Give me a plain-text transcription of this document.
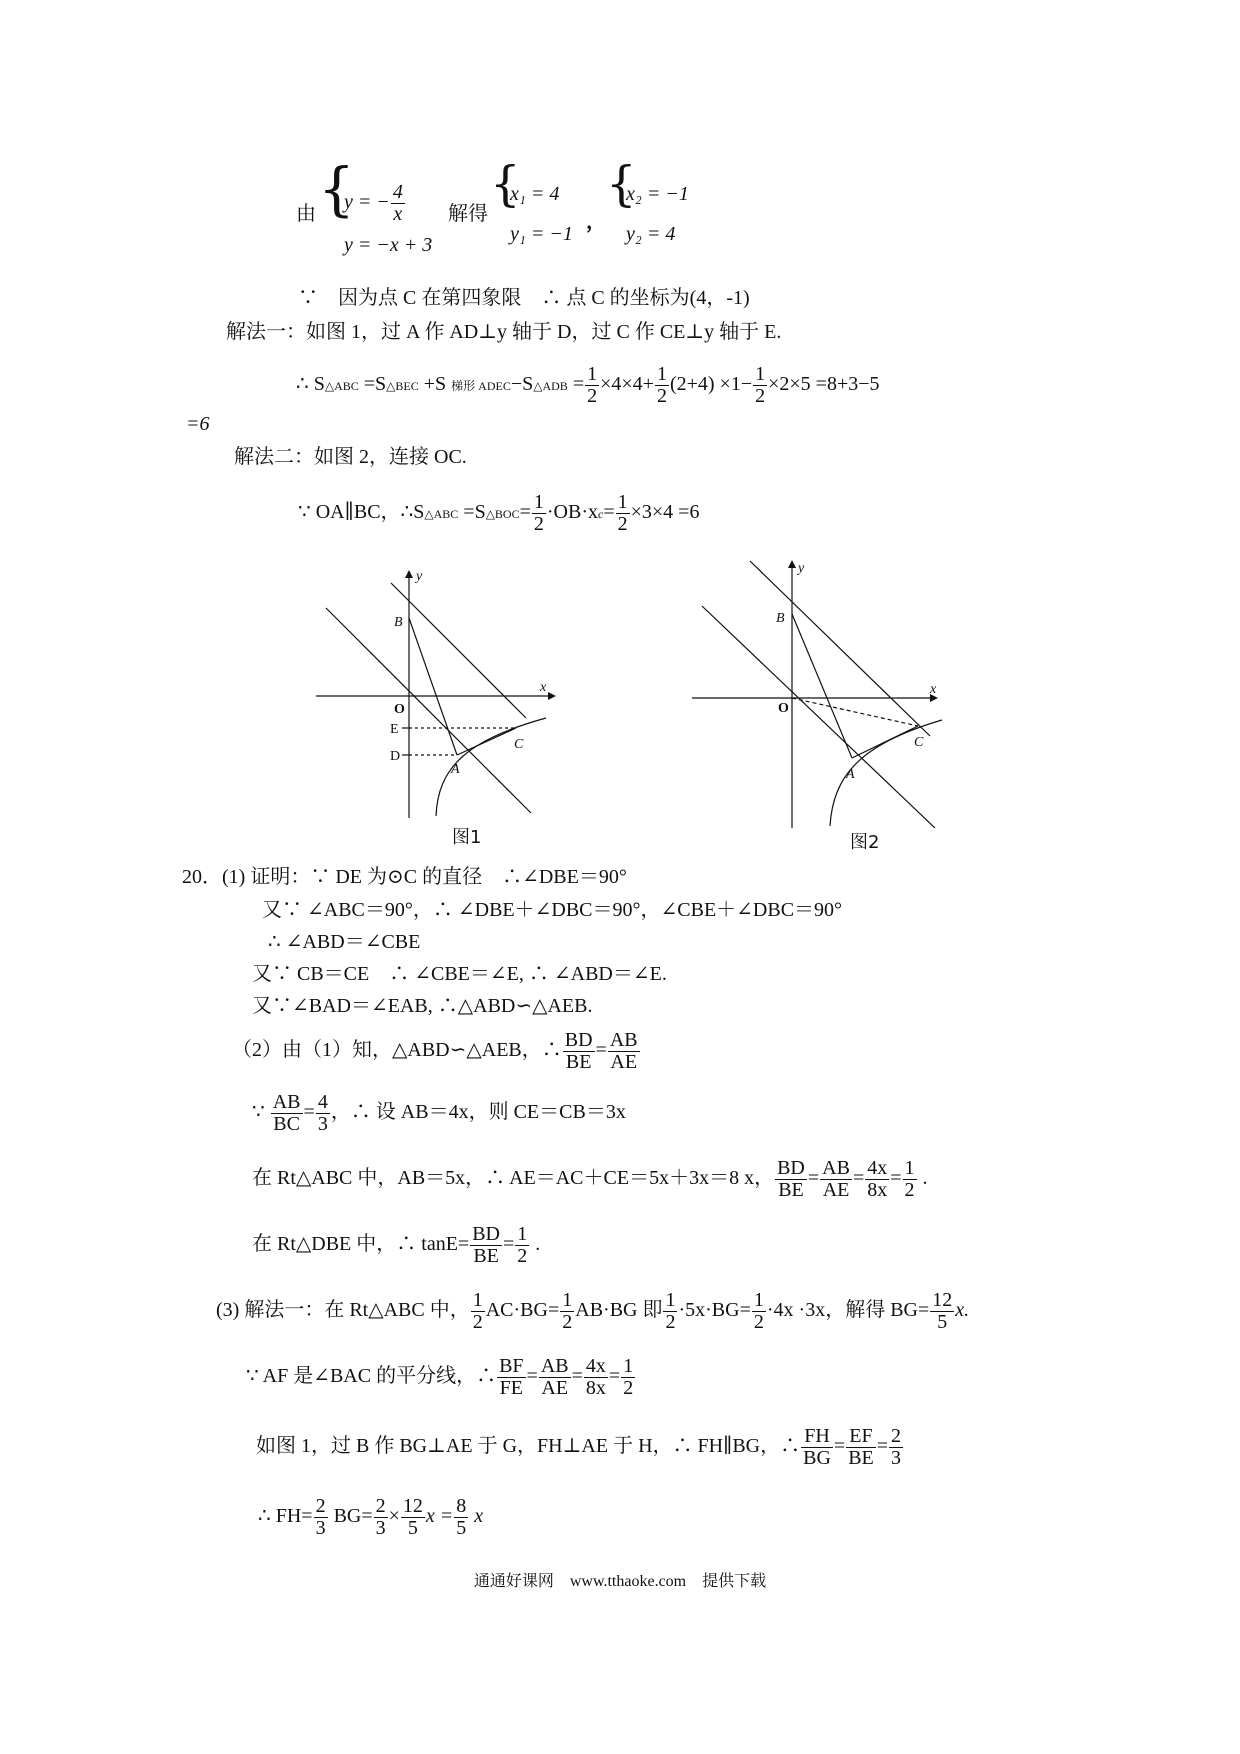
由 {
y = − $\frac{4}{x}$
y = −x + 3
解得
{
x₁ = 4
y₁ = −1
，
{
x₂ = −1
y₂ = 4
∵　因为点 C 在第四象限　∴ 点 C 的坐标为(4，-1)
解法一：如图 1，过 A 作 AD⊥y 轴于 D，过 C 作 CE⊥y 轴于 E.
∴ S△ABC =S△BEC +S 梯形 ADEC−S△ADB = $\frac{1}{2} \times 4\times 4+ \frac{1}{2} (2+4) \times 1- \frac{1}{2} \times 2\times 5 =8+3-5$
=6
解法二：如图 2，连接 OC.
∵ OA∥BC，∴S△ABC =S△BOC= $\frac{1}{2} \cdot OB\cdot xc= \frac{1}{2} \times 3\times 4 =6$
y
x
O
B
A
C
E
D
图1
y
x
O
B
A
C
图2
20．(1) 证明：∵ DE 为⊙C 的直径　∴∠DBE＝90°
又∵ ∠ABC＝90°，∴ ∠DBE＋∠DBC＝90°，∠CBE＋∠DBC＝90°
∴ ∠ABD＝∠CBE
又∵ CB＝CE　∴ ∠CBE＝∠E, ∴ ∠ABD＝∠E.
又∵∠BAD＝∠EAB, ∴△ABD∽△AEB.
（2）由（1）知，△ABD∽△AEB，∴ $\frac{BD}{BE} = \frac{AB}{AE}$
∵ $\frac{AB}{BC} = \frac{4}{3}$ ，∴ 设 AB＝4x，则 CE＝CB＝3x
在 Rt△ABC 中，AB＝5x，∴ AE＝AC＋CE＝5x＋3x＝8 x， $\frac{BD}{BE} = \frac{AB}{AE} = \frac{4x}{8x} = \frac{1}{2}$ .
在 Rt△DBE 中，∴ $\tan E= \frac{BD}{BE} = \frac{1}{2}$ .
(3) 解法一：在 Rt△ABC 中， $\frac{1}{2} AC\cdot BG= \frac{1}{2} AB\cdot BG$ 即 $\frac{1}{2} \cdot 5x\cdot BG= \frac{1}{2} \cdot 4x \cdot 3x$，解得 $BG= \frac{12}{5} x$.
∵ AF 是∠BAC 的平分线，∴ $\frac{BF}{FE} = \frac{AB}{AE} = \frac{4x}{8x} = \frac{1}{2}$
如图 1，过 B 作 BG⊥AE 于 G，FH⊥AE 于 H，∴ FH∥BG，∴ $\frac{FH}{BG} = \frac{EF}{BE} = \frac{2}{3}$
∴ $FH= \frac{2}{3} BG= \frac{2}{3} \times \frac{12}{5}$ $x = \frac{8}{5}$ x
通通好课网　www.tthaoke.com　提供下载
